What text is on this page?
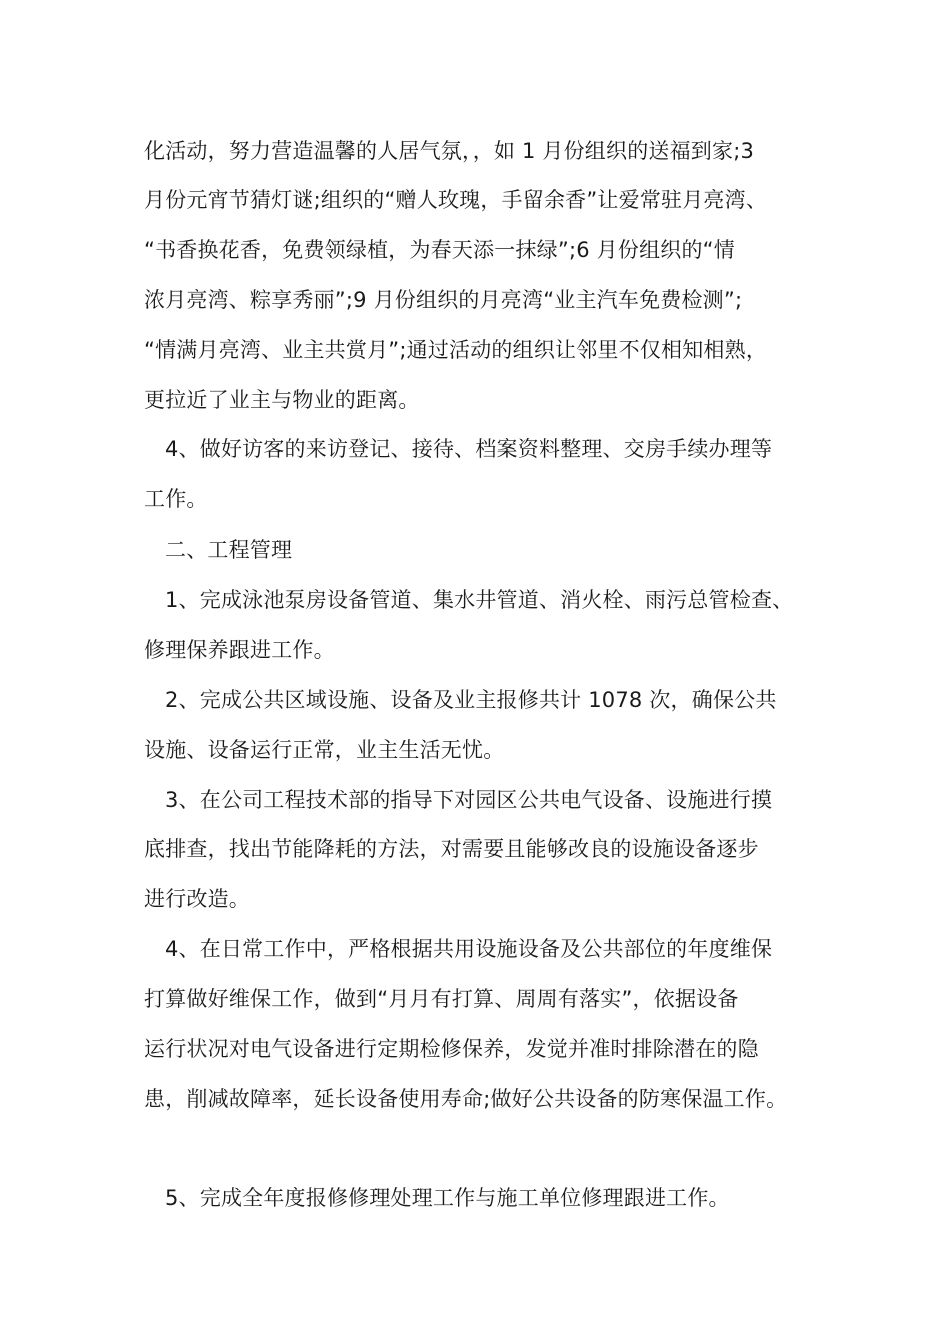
化活动，努力营造温馨的人居气氛，，如 1 月份组织的送福到家;3
月份元宵节猜灯谜;组织的“赠人玫瑰，手留余香”让爱常驻月亮湾、
“书香换花香，免费领绿植，为春天添一抹绿”;6 月份组织的“情
浓月亮湾、粽享秀丽”;9 月份组织的月亮湾“业主汽车免费检测”;
“情满月亮湾、业主共赏月”;通过活动的组织让邻里不仅相知相熟，
更拉近了业主与物业的距离。
4、做好访客的来访登记、接待、档案资料整理、交房手续办理等
工作。
二、工程管理
1、完成泳池泵房设备管道、集水井管道、消火栓、雨污总管检查、
修理保养跟进工作。
2、完成公共区域设施、设备及业主报修共计 1078 次，确保公共
设施、设备运行正常，业主生活无忧。
3、在公司工程技术部的指导下对园区公共电气设备、设施进行摸
底排查，找出节能降耗的方法，对需要且能够改良的设施设备逐步
进行改造。
4、在日常工作中，严格根据共用设施设备及公共部位的年度维保
打算做好维保工作，做到“月月有打算、周周有落实”，依据设备
运行状况对电气设备进行定期检修保养，发觉并准时排除潜在的隐
患，削减故障率，延长设备使用寿命;做好公共设备的防寒保温工作。
5、完成全年度报修修理处理工作与施工单位修理跟进工作。
